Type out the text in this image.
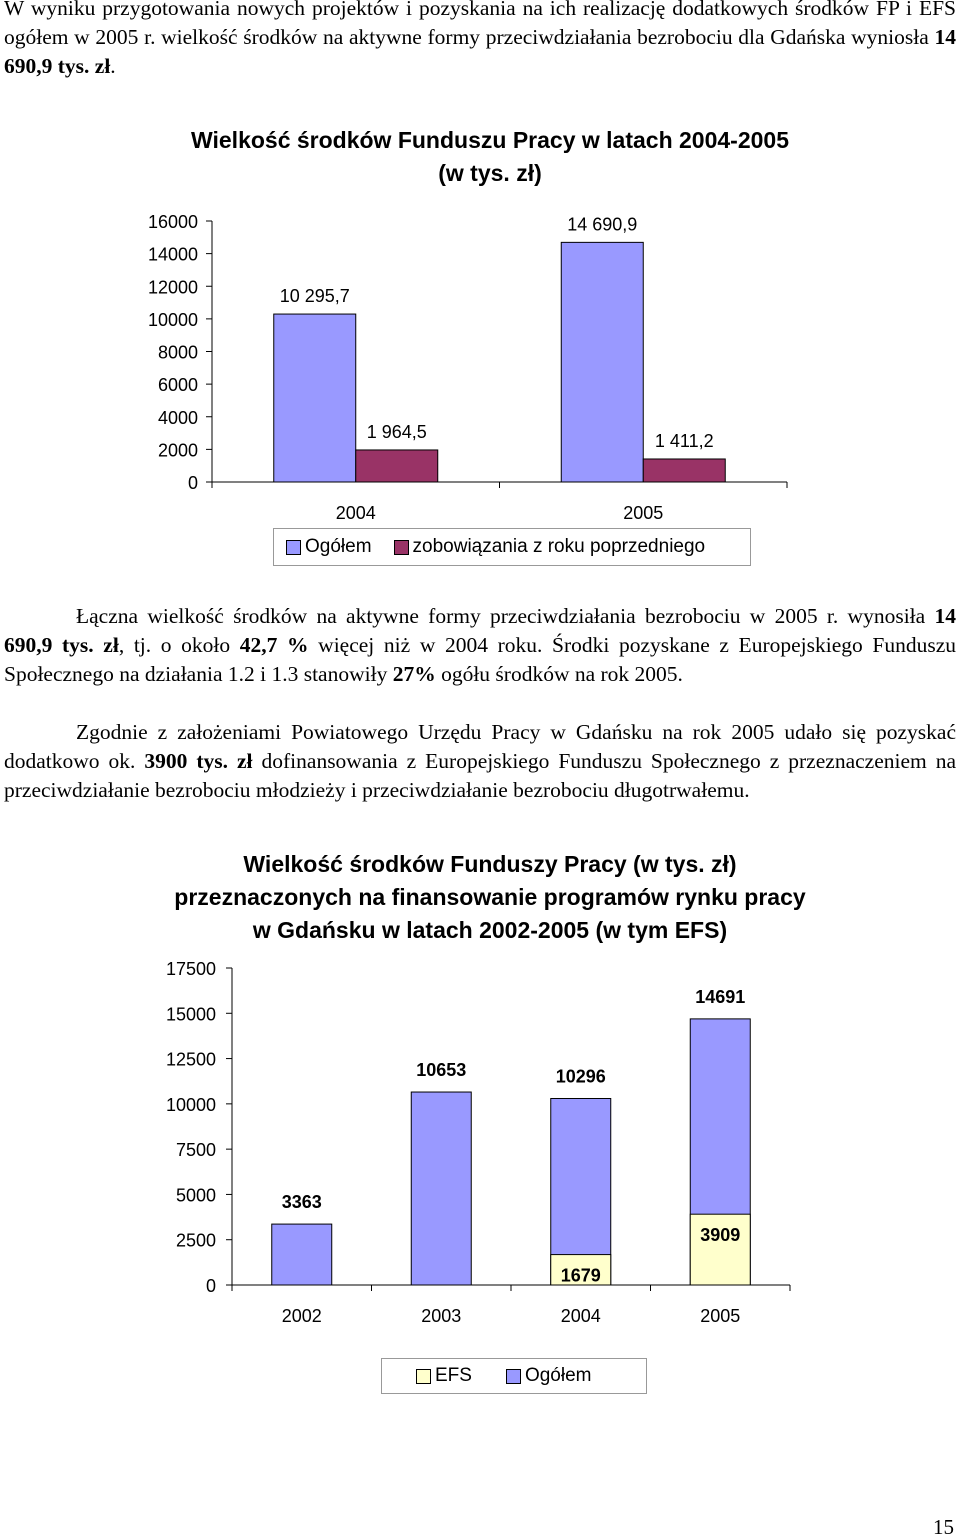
W wyniku przygotowania nowych projektów i pozyskania na ich realizację dodatkowych środków FP i EFS ogółem w 2005 r. wielkość środków na aktywne formy przeciwdziałania bezrobociu dla Gdańska wyniosła 14 690,9 tys. zł.

Wielkość środków Funduszu Pracy w latach 2004-2005
(w tys. zł)
0
2000
4000
6000
8000
10000
12000
14000
16000
10 295,7
1 964,5
2004
14 690,9
1 411,2
2005
Ogółem zobowiązania z roku poprzedniego

Łączna wielkość środków na aktywne formy przeciwdziałania bezrobociu w 2005 r. wynosiła 14 690,9 tys. zł, tj. o około 42,7 % więcej niż w 2004 roku. Środki pozyskane z Europejskiego Funduszu Społecznego na działania 1.2 i 1.3 stanowiły 27% ogółu środków na rok 2005.

Zgodnie z założeniami Powiatowego Urzędu Pracy w Gdańsku na rok 2005 udało się pozyskać dodatkowo ok. 3900 tys. zł dofinansowania z Europejskiego Funduszu Społecznego z przeznaczeniem na przeciwdziałanie bezrobociu młodzieży i przeciwdziałanie bezrobociu długotrwałemu.

Wielkość środków Funduszy Pracy (w tys. zł)
przeznaczonych na finansowanie programów rynku pracy
w Gdańsku w latach 2002-2005 (w tym EFS)
0
2500
5000
7500
10000
12500
15000
17500
3363
2002
10653
2003
10296
1679
2004
14691
3909
2005
EFS	Ogółem
15
